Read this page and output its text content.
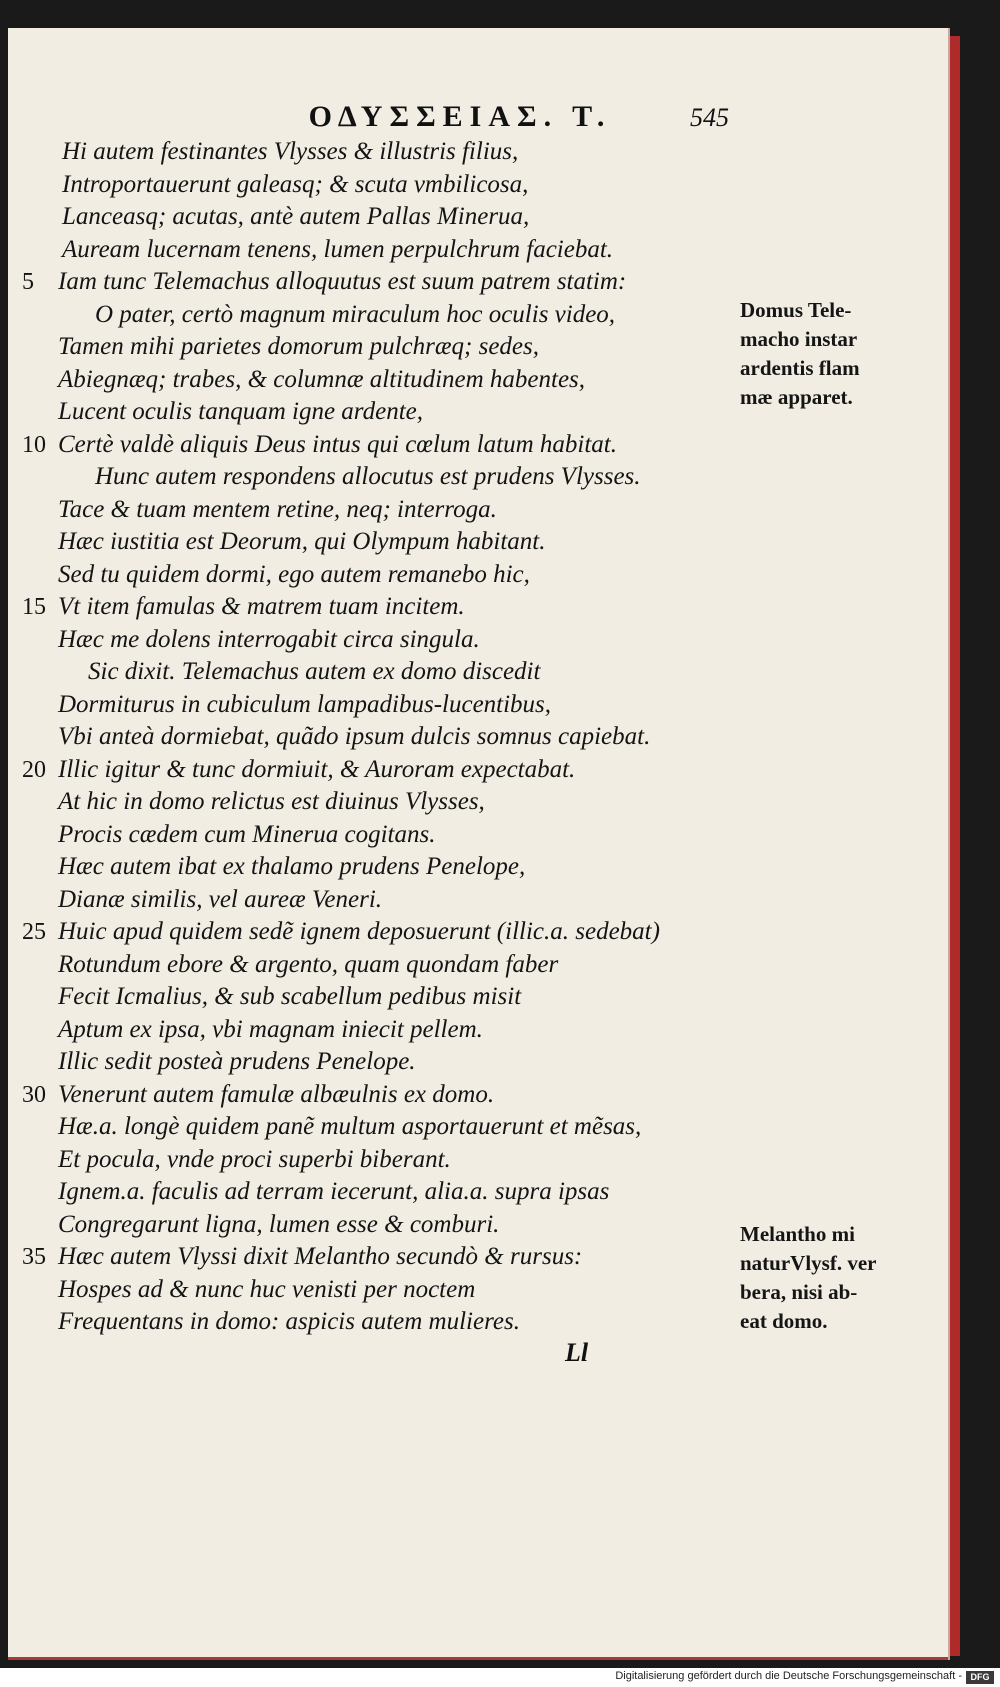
ΟΔΥΣΣΕΙΑΣ. Τ.	545
Hi autem festinantes Vlysses & illustris filius,
Introportauerunt galeasq; & scuta vmbilicosa,
Lanceasq; acutas, antè autem Pallas Minerua,
Auream lucernam tenens, lumen perpulchrum faciebat.
Iam tunc Telemachus alloquutus est suum patrem statim:
5
O pater, certò magnum miraculum hoc oculis video,
Tamen mihi parietes domorum pulchræq; sedes,
Abiegnæq; trabes, & columnæ altitudinem habentes,
Lucent oculis tanquam igne ardente,
Certè valdè aliquis Deus intus qui cœlum latum habitat.
10
Hunc autem respondens allocutus est prudens Vlysses.
Tace & tuam mentem retine, neq; interroga.
Hæc iustitia est Deorum, qui Olympum habitant.
Sed tu quidem dormi, ego autem remanebo hic,
Vt item famulas & matrem tuam incitem.
15
Hæc me dolens interrogabit circa singula.
Sic dixit. Telemachus autem ex domo discedit
Dormiturus in cubiculum lampadibus-lucentibus,
Vbi anteà dormiebat, quãdo ipsum dulcis somnus capiebat.
Illic igitur & tunc dormiuit, & Auroram expectabat.
20
At hic in domo relictus est diuinus Vlysses,
Procis cædem cum Minerua cogitans.
Hæc autem ibat ex thalamo prudens Penelope,
Dianæ similis, vel aureæ Veneri.
Huic apud quidem sedẽ ignem deposuerunt (illic.a. sedebat)
25
Rotundum ebore & argento, quam quondam faber
Fecit Icmalius, & sub scabellum pedibus misit
Aptum ex ipsa, vbi magnam iniecit pellem.
Illic sedit posteà prudens Penelope.
Venerunt autem famulæ albæulnis ex domo.
30
Hæ.a. longè quidem panẽ multum asportauerunt et mẽsas,
Et pocula, vnde proci superbi biberant.
Ignem.a. faculis ad terram iecerunt, alia.a. supra ipsas
Congregarunt ligna, lumen esse & comburi.
Hæc autem Vlyssi dixit Melantho secundò & rursus:
35
Hospes ad & nunc huc venisti per noctem
Frequentans in domo: aspicis autem mulieres.
Domus Tele-
macho instar
ardentis flam
mæ apparet.
Melantho mi
naturVlysf. ver
bera, nisi ab-
eat domo.
Ll
Digitalisierung gefördert durch die Deutsche Forschungsgemeinschaft - DFG
